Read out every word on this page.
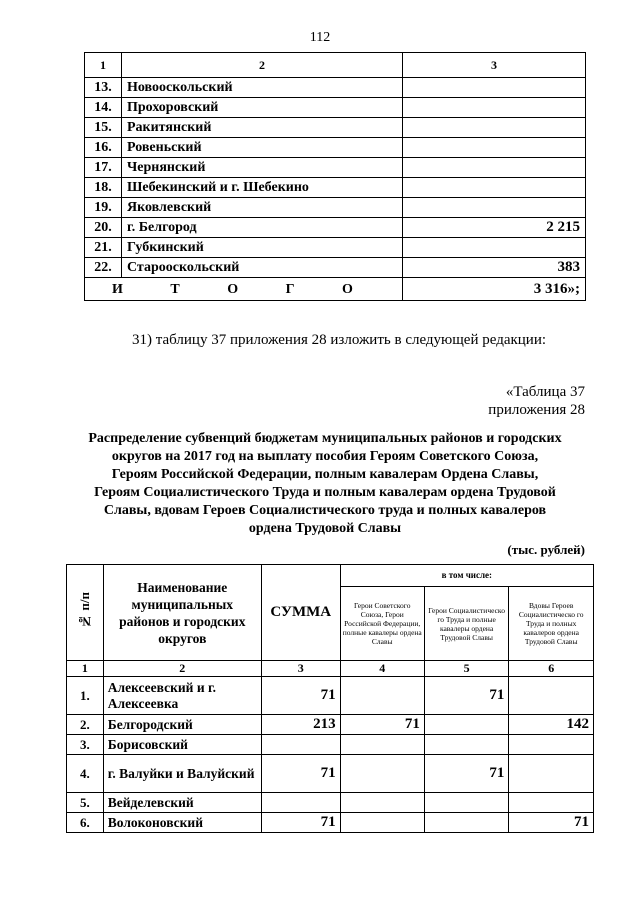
112
1	2	3
13.	Новооскольский	
14.	Прохоровский	
15.	Ракитянский	
16.	Ровеньский	
17.	Чернянский	
18.	Шебекинский и г. Шебекино	
19.	Яковлевский	
20.	г. Белгород	2 215
21.	Губкинский	
22.	Старооскольский	383
И Т О Г О		3 316»;
31) таблицу 37 приложения 28 изложить в следующей редакции:
«Таблица 37
приложения 28
Распределение субвенций бюджетам муниципальных районов и городских
округов на 2017 год на выплату пособия Героям Советского Союза,
Героям Российской Федерации, полным кавалерам Ордена Славы,
Героям Социалистического Труда и полным кавалерам ордена Трудовой
Славы, вдовам Героев Социалистического труда и полных кавалеров
ордена Трудовой Славы
(тыс. рублей)
№ п/п	Наименование муниципальных районов и городских округов	СУММА	в том числе:		
			Герои Советского Союза, Герои Российской Федерации, полные кавалеры ордена Славы	Герои Социалистическо го Труда и полные кавалеры ордена Трудовой Славы	Вдовы Героев Социалистическо го Труда и полных кавалеров ордена Трудовой Славы
1	2	3	4	5	6
1.	Алексеевский и г. Алексеевка	71		71	
2.	Белгородский	213	71		142
3.	Борисовский				
4.	г. Валуйки и Валуйский	71		71	
5.	Вейделевский				
6.	Волоконовский	71			71
